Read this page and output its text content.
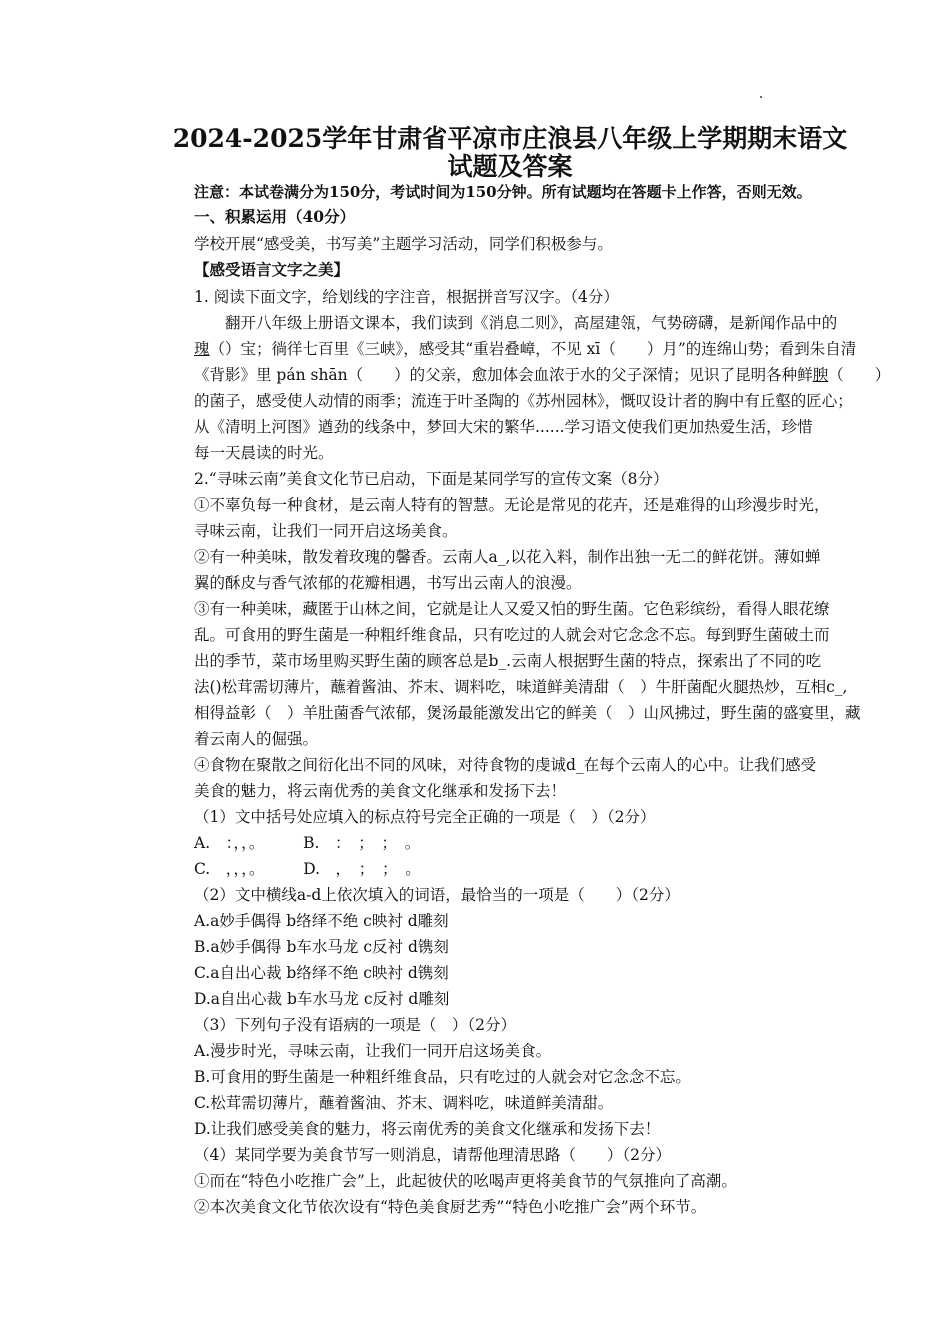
2024-2025学年甘肃省平凉市庄浪县八年级上学期期末语文
试题及答案

注意：本试卷满分为150分，考试时间为150分钟。所有试题均在答题卡上作答，否则无效。

一、积累运用（40分）

学校开展“感受美，书写美”主题学习活动，同学们积极参与。

【感受语言文字之美】

1. 阅读下面文字，给划线的字注音，根据拼音写汉字。（4分）

　　翻开八年级上册语文课本，我们读到《消息二则》，高屋建瓴，气势磅礴，是新闻作品中的

瑰（）宝；徜徉七百里《三峡》，感受其“重岩叠嶂，不见 xī（　　）月”的连绵山势；看到朱自清

《背影》里 pán shān（　　）的父亲，愈加体会血浓于水的父子深情；见识了昆明各种鲜腴（　　）

的菌子，感受使人动情的雨季；流连于叶圣陶的《苏州园林》，慨叹设计者的胸中有丘壑的匠心；

从《清明上河图》遒劲的线条中，梦回大宋的繁华......学习语文使我们更加热爱生活，珍惜

每一天晨读的时光。

2.“寻味云南”美食文化节已启动，下面是某同学写的宣传文案（8分）

①不辜负每一种食材，是云南人特有的智慧。无论是常见的花卉，还是难得的山珍漫步时光，

寻味云南，让我们一同开启这场美食。

②有一种美味，散发着玫瑰的馨香。云南人a_,以花入料，制作出独一无二的鲜花饼。薄如蝉

翼的酥皮与香气浓郁的花瓣相遇，书写出云南人的浪漫。

③有一种美味，藏匿于山林之间，它就是让人又爱又怕的野生菌。它色彩缤纷，看得人眼花缭

乱。可食用的野生菌是一种粗纤维食品，只有吃过的人就会对它念念不忘。每到野生菌破土而

出的季节，菜市场里购买野生菌的顾客总是b_.云南人根据野生菌的特点，探索出了不同的吃

法()松茸需切薄片，蘸着酱油、芥末、调料吃，味道鲜美清甜（　）牛肝菌配火腿热炒，互相c_,

相得益彰（　）羊肚菌香气浓郁，煲汤最能激发出它的鲜美（　）山风拂过，野生菌的盛宴里，藏

着云南人的倔强。

④食物在聚散之间衍化出不同的风味，对待食物的虔诚d_在每个云南人的心中。让我们感受

美食的魅力，将云南优秀的美食文化继承和发扬下去！

（1）文中括号处应填入的标点符号完全正确的一项是（　）（2分）

A.　：，，。　　　B.　：　；　；　。

C.　，，，。　　　D.　，　；　；　。

（2）文中横线a-d上依次填入的词语，最恰当的一项是（　　）（2分）

A.a妙手偶得 b络绎不绝 c映衬 d雕刻

B.a妙手偶得 b车水马龙 c反衬 d镌刻

C.a自出心裁 b络绎不绝 c映衬 d镌刻

D.a自出心裁 b车水马龙 c反衬 d雕刻

（3）下列句子没有语病的一项是（　）（2分）

A.漫步时光，寻味云南，让我们一同开启这场美食。

B.可食用的野生菌是一种粗纤维食品，只有吃过的人就会对它念念不忘。

C.松茸需切薄片，蘸着酱油、芥末、调料吃，味道鲜美清甜。

D.让我们感受美食的魅力，将云南优秀的美食文化继承和发扬下去！

（4）某同学要为美食节写一则消息，请帮他理清思路（　　）（2分）

①而在“特色小吃推广会”上，此起彼伏的吆喝声更将美食节的气氛推向了高潮。

②本次美食文化节依次设有“特色美食厨艺秀”“特色小吃推广会”两个环节。
